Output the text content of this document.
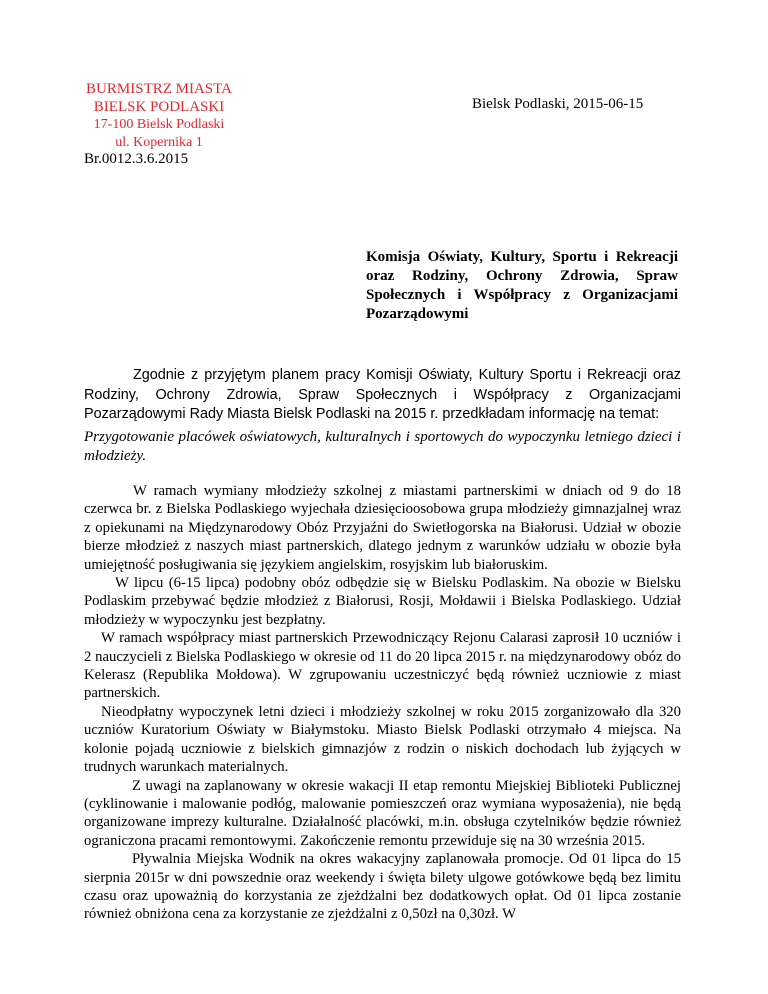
BURMISTRZ MIASTA
BIELSK PODLASKI
17-100 Bielsk Podlaski
ul. Kopernika 1
Bielsk Podlaski, 2015-06-15
Br.0012.3.6.2015

Komisja Oświaty, Kultury, Sportu i Rekreacji oraz Rodziny, Ochrony Zdrowia, Spraw Społecznych i Współpracy z Organizacjami Pozarządowymi

Zgodnie z przyjętym planem pracy Komisji Oświaty, Kultury Sportu i Rekreacji oraz Rodziny, Ochrony Zdrowia, Spraw Społecznych i Współpracy z Organizacjami Pozarządowymi Rady Miasta Bielsk Podlaski na 2015 r. przedkładam informację na temat:

Przygotowanie placówek oświatowych, kulturalnych i sportowych do wypoczynku letniego dzieci i młodzieży.

W ramach wymiany młodzieży szkolnej z miastami partnerskimi w dniach od 9 do 18 czerwca br. z Bielska Podlaskiego wyjechała dziesięcioosobowa grupa młodzieży gimnazjalnej wraz z opiekunami na Międzynarodowy Obóz Przyjaźni do Swietłogorska na Białorusi. Udział w obozie bierze młodzież z naszych miast partnerskich, dlatego jednym z warunków udziału w obozie była umiejętność posługiwania się językiem angielskim, rosyjskim lub białoruskim.

W lipcu (6-15 lipca) podobny obóz odbędzie się w Bielsku Podlaskim. Na obozie w Bielsku Podlaskim przebywać będzie młodzież z Białorusi, Rosji, Mołdawii i Bielska Podlaskiego. Udział młodzieży w wypoczynku jest bezpłatny.

W ramach współpracy miast partnerskich Przewodniczący Rejonu Calarasi zaprosił 10 uczniów i 2 nauczycieli z Bielska Podlaskiego w okresie od 11 do 20 lipca 2015 r. na międzynarodowy obóz do Kelerasz (Republika Mołdowa). W zgrupowaniu uczestniczyć będą również uczniowie z miast partnerskich.

Nieodpłatny wypoczynek letni dzieci i młodzieży szkolnej w roku 2015 zorganizowało dla 320 uczniów Kuratorium Oświaty w Białymstoku. Miasto Bielsk Podlaski otrzymało 4 miejsca. Na kolonie pojadą uczniowie z bielskich gimnazjów z rodzin o niskich dochodach lub żyjących w trudnych warunkach materialnych.

Z uwagi na zaplanowany w okresie wakacji II etap remontu Miejskiej Biblioteki Publicznej (cyklinowanie i malowanie podłóg, malowanie pomieszczeń oraz wymiana wyposażenia), nie będą organizowane imprezy kulturalne. Działalność placówki, m.in. obsługa czytelników będzie również ograniczona pracami remontowymi. Zakończenie remontu przewiduje się na 30 września 2015.

Pływalnia Miejska Wodnik na okres wakacyjny zaplanowała promocje. Od 01 lipca do 15 sierpnia 2015r w dni powszednie oraz weekendy i święta bilety ulgowe gotówkowe będą bez limitu czasu oraz upoważnią do korzystania ze zjeżdżalni bez dodatkowych opłat. Od 01 lipca zostanie również obniżona cena za korzystanie ze zjeżdżalni z 0,50zł na 0,30zł. W
